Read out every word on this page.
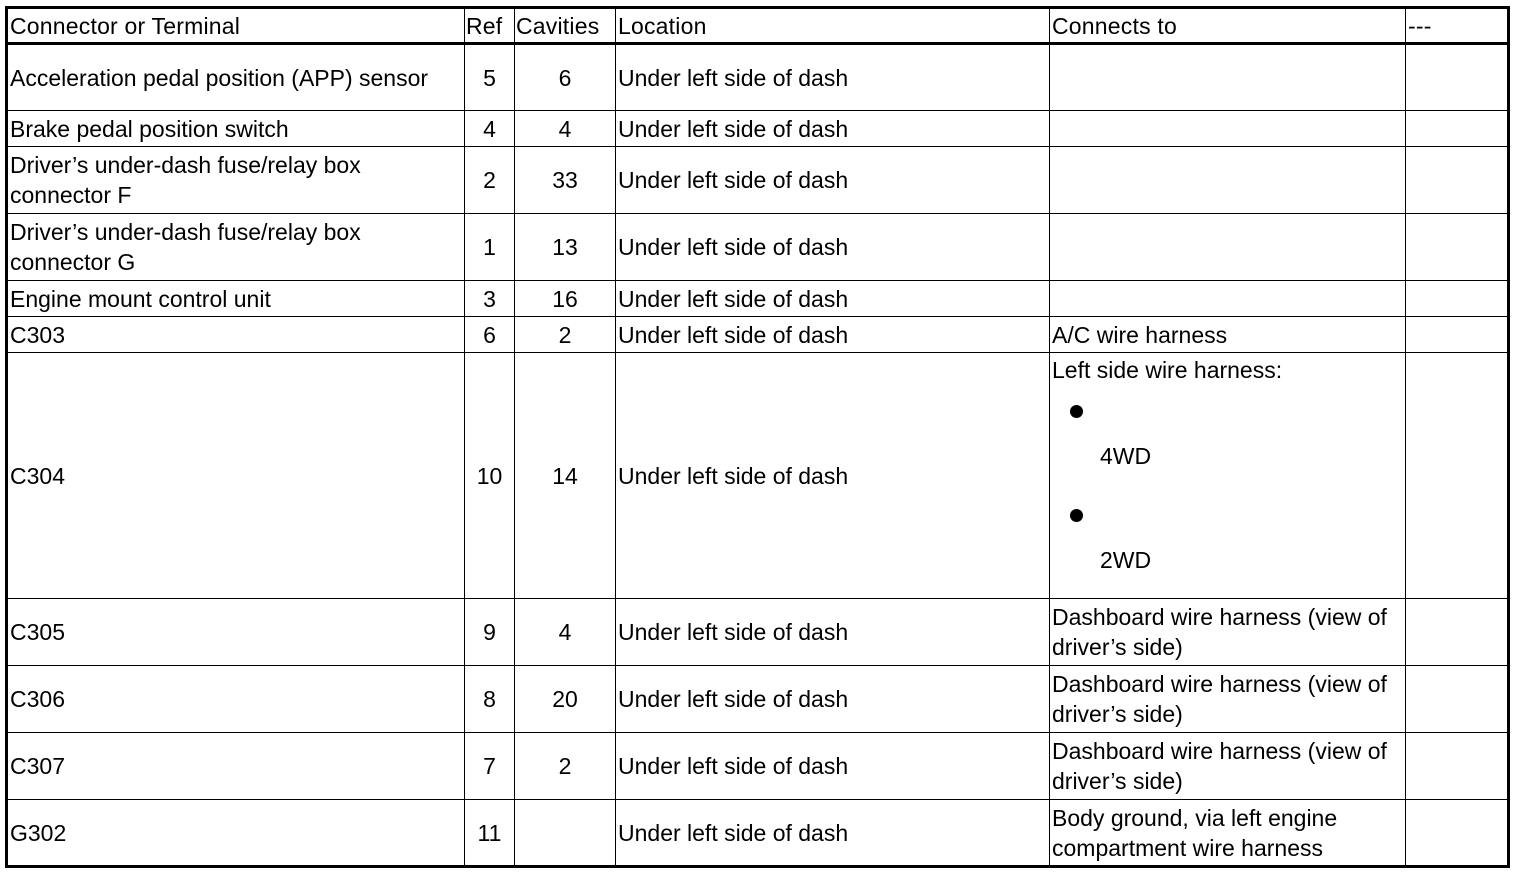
Connector or Terminal	Ref	Cavities	Location	Connects to	---
Acceleration pedal position (APP) sensor	5	6	Under left side of dash		
Brake pedal position switch	4	4	Under left side of dash		
Driver’s under-dash fuse/relay box connector F	2	33	Under left side of dash		
Driver’s under-dash fuse/relay box connector G	1	13	Under left side of dash		
Engine mount control unit	3	16	Under left side of dash		
C303	6	2	Under left side of dash	A/C wire harness	
C304	10	14	Under left side of dash	Left side wire harness:
4WD
2WD	

C305	9	4	Under left side of dash	Dashboard wire harness (view of driver’s side)	
C306	8	20	Under left side of dash	Dashboard wire harness (view of driver’s side)	
C307	7	2	Under left side of dash	Dashboard wire harness (view of driver’s side)	
G302	11		Under left side of dash	Body ground, via left engine compartment wire harness	
